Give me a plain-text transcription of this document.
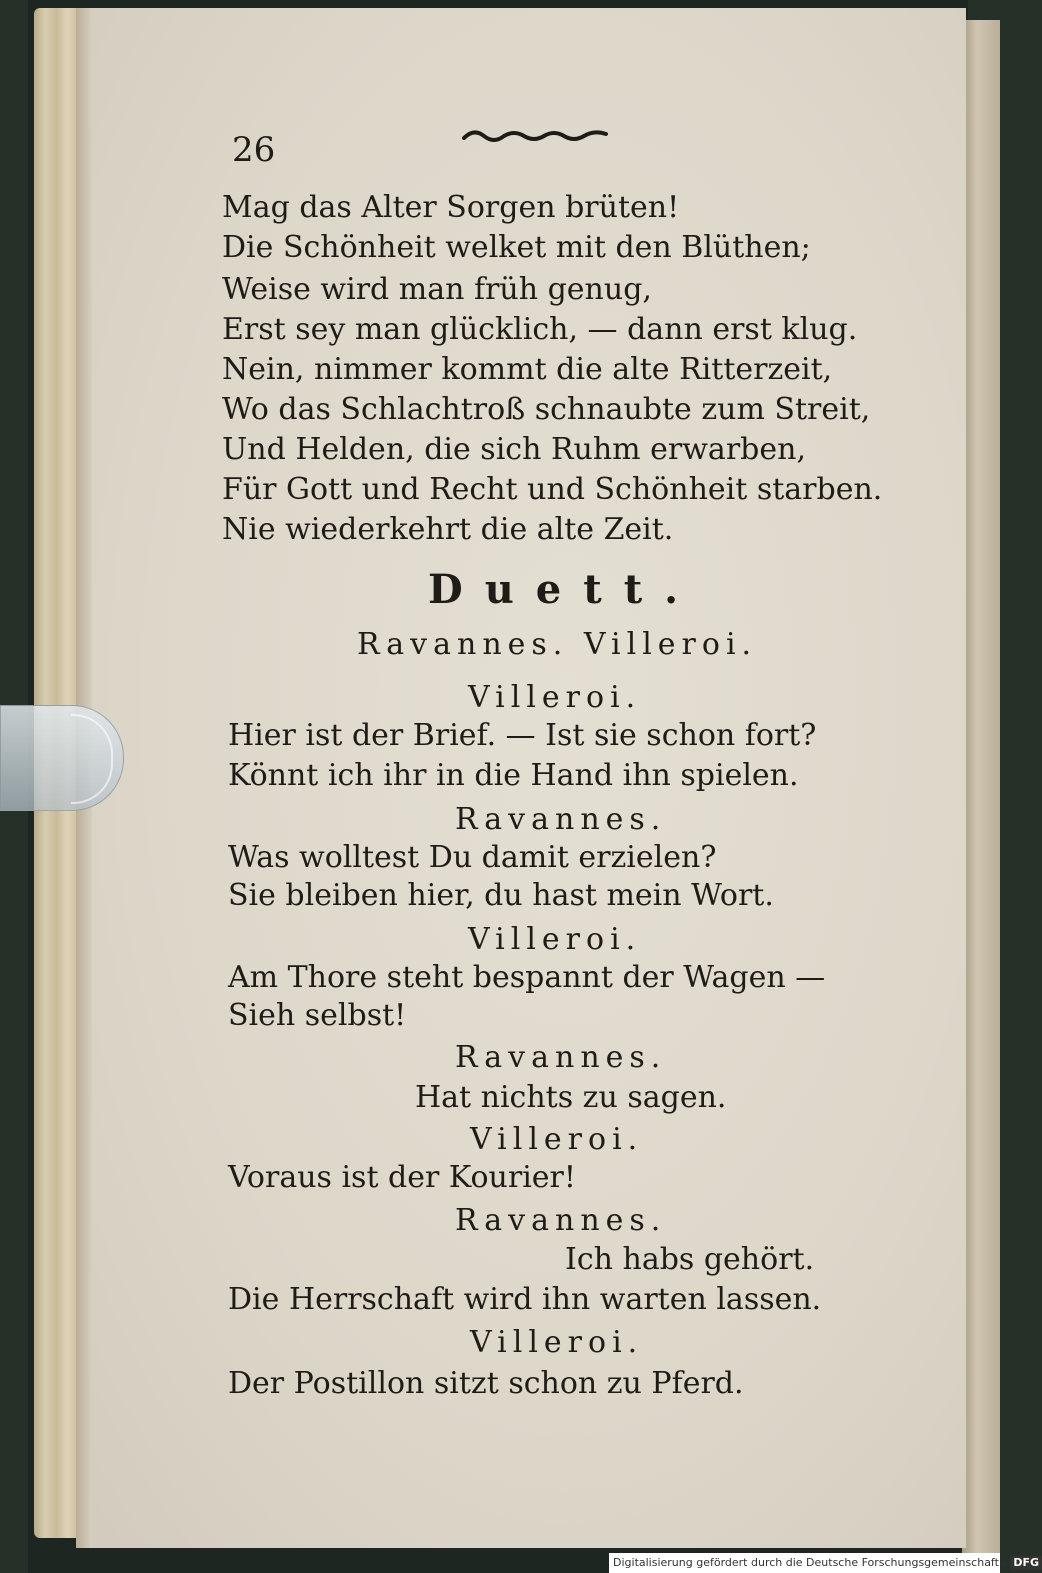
26
Mag das Alter Sorgen brüten!
Die Schönheit welket mit den Blüthen;
Weise wird man früh genug,
Erst sey man glücklich, — dann erst klug.
Nein, nimmer kommt die alte Ritterzeit,
Wo das Schlachtroß schnaubte zum Streit,
Und Helden, die sich Ruhm erwarben,
Für Gott und Recht und Schönheit starben.
Nie wiederkehrt die alte Zeit.
Duett.
Ravannes. Villeroi.
Villeroi.
Hier ist der Brief. — Ist sie schon fort?
Könnt ich ihr in die Hand ihn spielen.
Ravannes.
Was wolltest Du damit erzielen?
Sie bleiben hier, du hast mein Wort.
Villeroi.
Am Thore steht bespannt der Wagen —
Sieh selbst!
Ravannes.
Hat nichts zu sagen.
Villeroi.
Voraus ist der Kourier!
Ravannes.
Ich habs gehört.
Die Herrschaft wird ihn warten lassen.
Villeroi.
Der Postillon sitzt schon zu Pferd.
Digitalisierung gefördert durch die Deutsche Forschungsgemeinschaft - DFG
